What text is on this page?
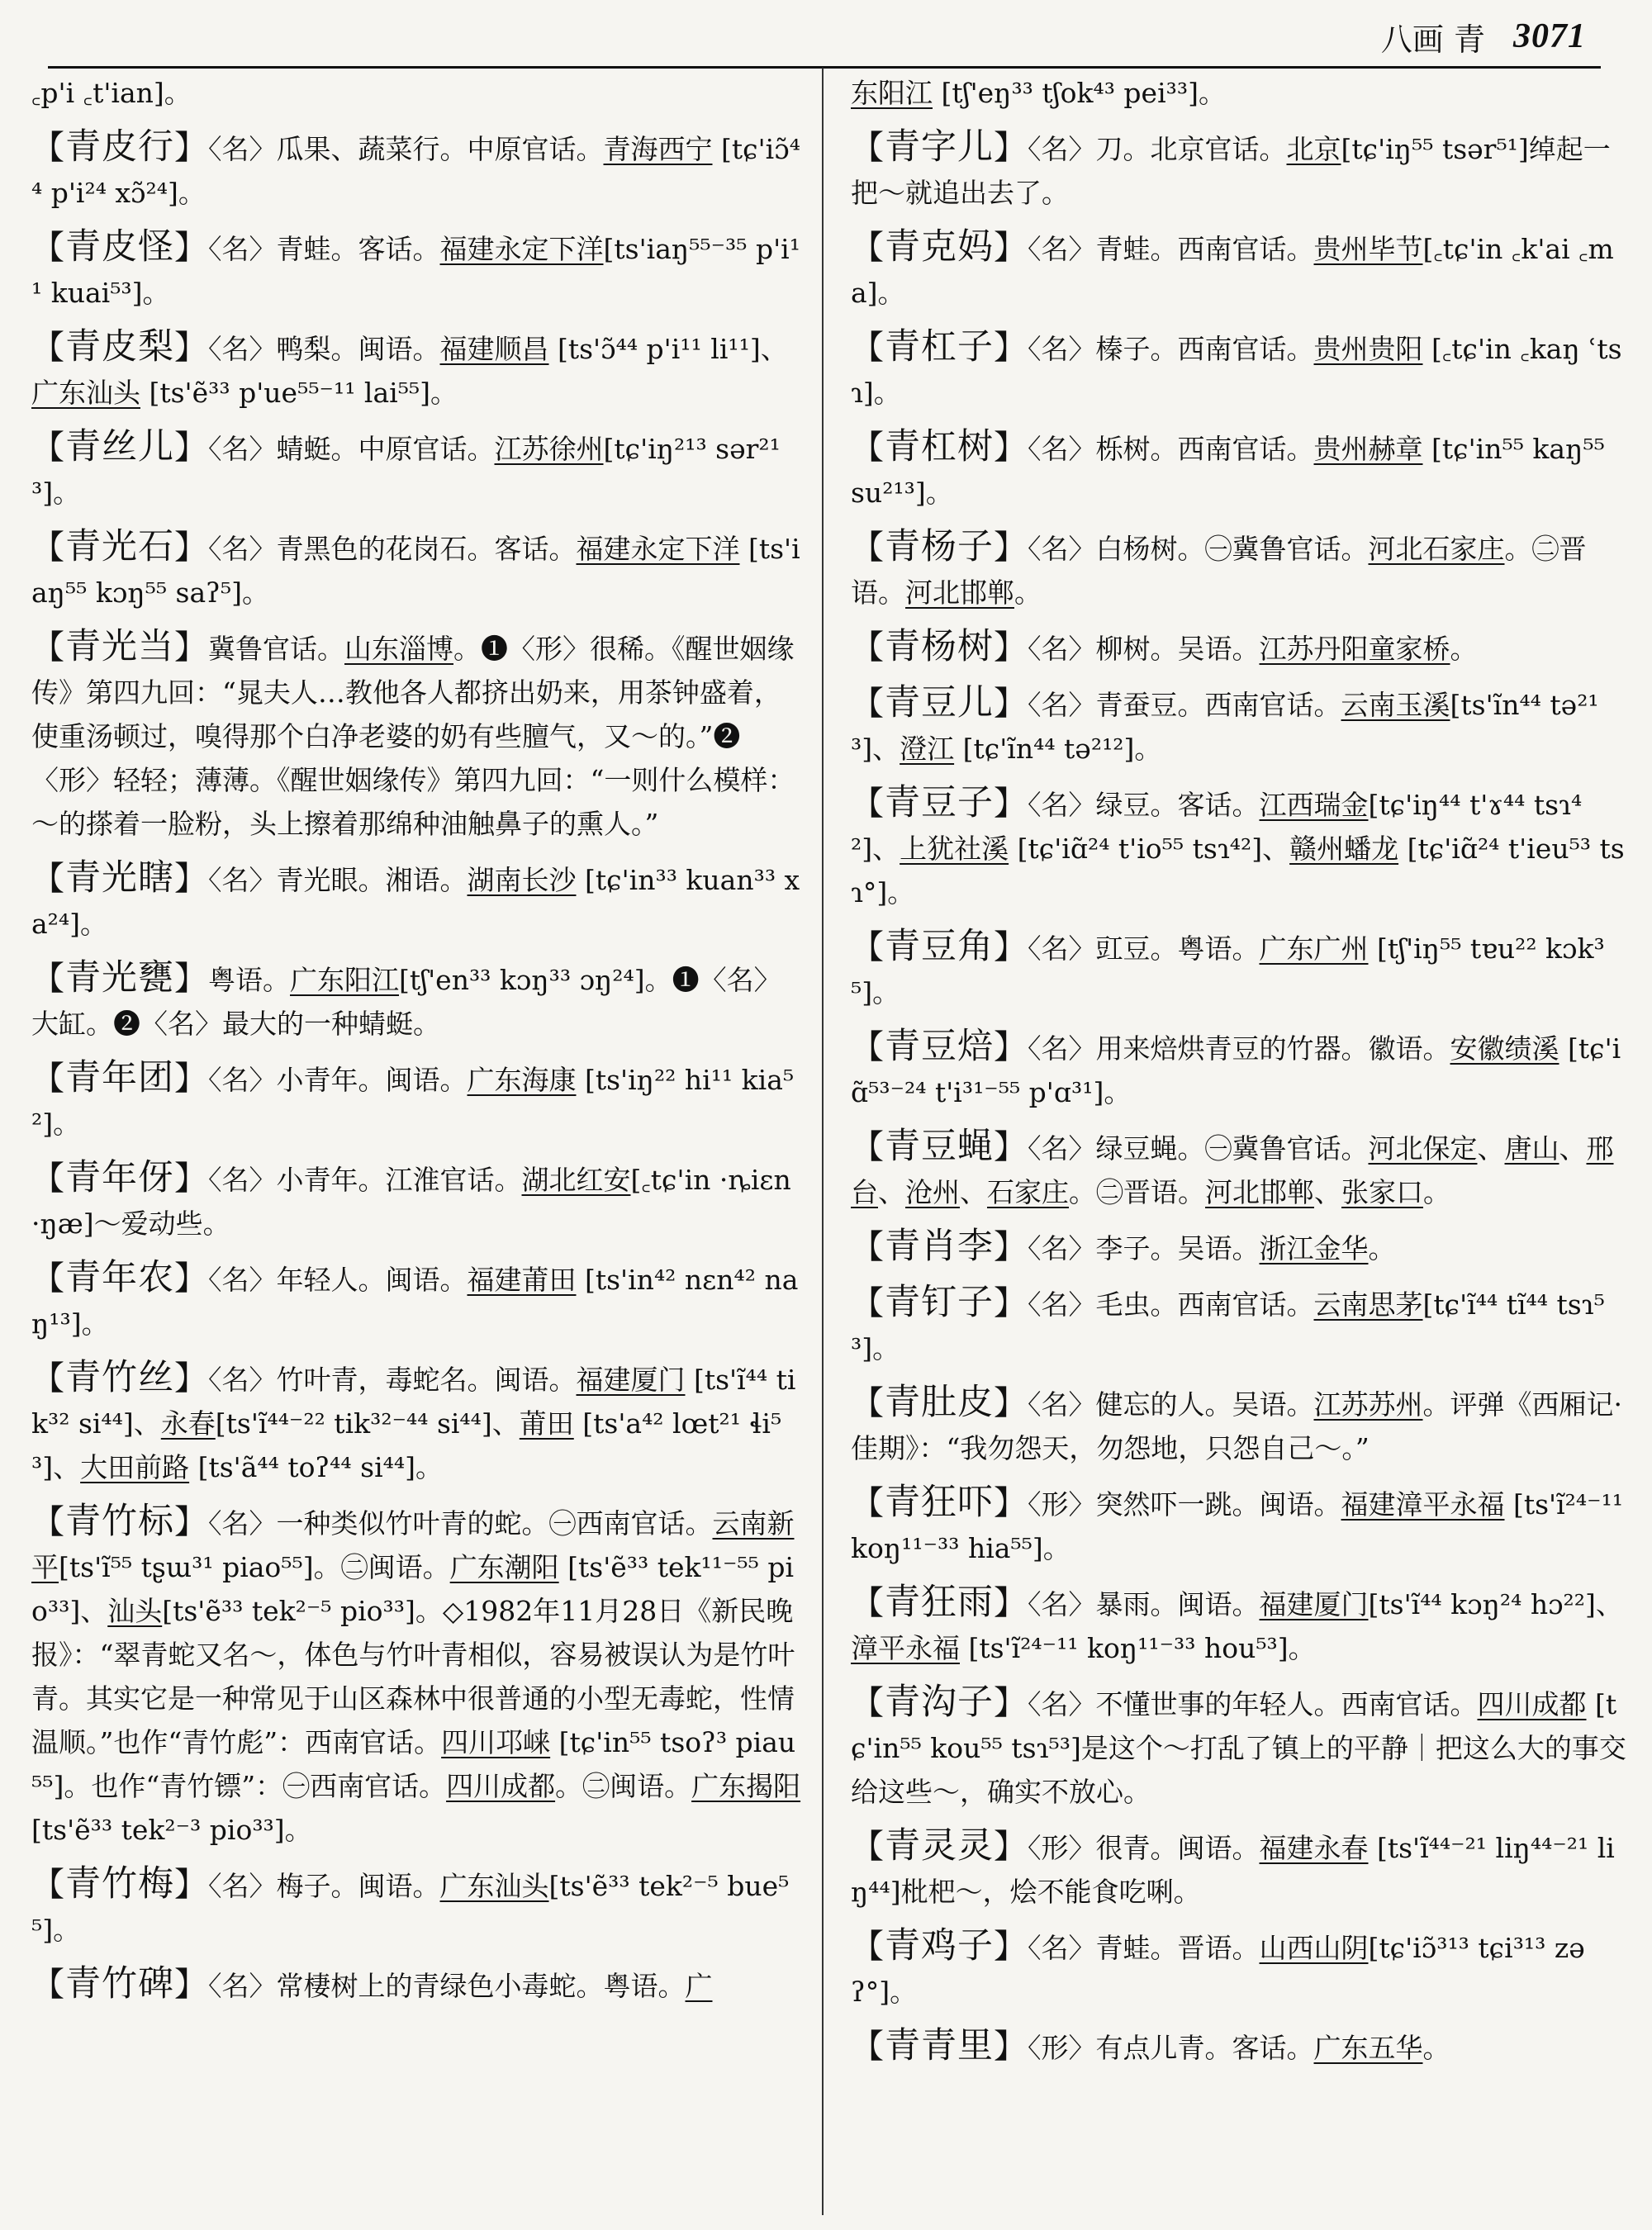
八画 青 3071
꜀p'i ꜀t'ian]。
【青皮行】〈名〉瓜果、蔬菜行。中原官话。青海西宁 [tɕ'iɔ̃⁴⁴ p'i²⁴ xɔ̃²⁴]。
【青皮怪】〈名〉青蛙。客话。福建永定下洋[ts'iaŋ⁵⁵⁻³⁵ p'i¹¹ kuai⁵³]。
【青皮梨】〈名〉鸭梨。闽语。福建顺昌 [ts'ɔ̃⁴⁴ p'i¹¹ li¹¹]、广东汕头 [ts'ẽ³³ p'ue⁵⁵⁻¹¹ lai⁵⁵]。
【青丝儿】〈名〉蜻蜓。中原官话。江苏徐州[tɕ'iŋ²¹³ sər²¹³]。
【青光石】〈名〉青黑色的花岗石。客话。福建永定下洋 [ts'iaŋ⁵⁵ kɔŋ⁵⁵ saʔ⁵]。
【青光当】冀鲁官话。山东淄博。❶〈形〉很稀。《醒世姻缘传》第四九回：“晁夫人…教他各人都挤出奶来，用茶钟盛着，使重汤顿过，嗅得那个白净老婆的奶有些膻气，又～的。”❷〈形〉轻轻；薄薄。《醒世姻缘传》第四九回：“一则什么模样：～的搽着一脸粉，头上擦着那绵种油触鼻子的熏人。”
【青光瞎】〈名〉青光眼。湘语。湖南长沙 [tɕ'in³³ kuan³³ xa²⁴]。
【青光甕】粤语。广东阳江[tʃ'en³³ kɔŋ³³ ɔŋ²⁴]。❶〈名〉大缸。❷〈名〉最大的一种蜻蜓。
【青年团】〈名〉小青年。闽语。广东海康 [ts'iŋ²² hi¹¹ kia⁵²]。
【青年伢】〈名〉小青年。江淮官话。湖北红安[꜀tɕ'in ·ȵiɛn ·ŋæ]～爱动些。
【青年农】〈名〉年轻人。闽语。福建莆田 [ts'in⁴² nɛn⁴² naŋ¹³]。
【青竹丝】〈名〉竹叶青，毒蛇名。闽语。福建厦门 [ts'ĩ⁴⁴ tik³² si⁴⁴]、永春[ts'ĩ⁴⁴⁻²² tik³²⁻⁴⁴ si⁴⁴]、莆田 [ts'a⁴² lœt²¹ ɬi⁵³]、大田前路 [ts'ã⁴⁴ toʔ⁴⁴ si⁴⁴]。
【青竹标】〈名〉一种类似竹叶青的蛇。㊀西南官话。云南新平[ts'ĩ⁵⁵ tʂɯ³¹ piao⁵⁵]。㊁闽语。广东潮阳 [ts'ẽ³³ tek¹¹⁻⁵⁵ pio³³]、汕头[ts'ẽ³³ tek²⁻⁵ pio³³]。◇1982年11月28日《新民晚报》：“翠青蛇又名～，体色与竹叶青相似，容易被误认为是竹叶青。其实它是一种常见于山区森林中很普通的小型无毒蛇，性情温顺。”也作“青竹彪”：西南官话。四川邛崃 [tɕ'in⁵⁵ tsoʔ³ piau⁵⁵]。也作“青竹镖”：㊀西南官话。四川成都。㊁闽语。广东揭阳 [ts'ẽ³³ tek²⁻³ pio³³]。
【青竹梅】〈名〉梅子。闽语。广东汕头[ts'ẽ³³ tek²⁻⁵ bue⁵⁵]。
【青竹碑】〈名〉常棲树上的青绿色小毒蛇。粤语。广
东阳江 [tʃ'eŋ³³ tʃok⁴³ pei³³]。
【青字儿】〈名〉刀。北京官话。北京[tɕ'iŋ⁵⁵ tsər⁵¹]绰起一把～就追出去了。
【青克妈】〈名〉青蛙。西南官话。贵州毕节[꜀tɕ'in ꜀k'ai ꜀ma]。
【青杠子】〈名〉榛子。西南官话。贵州贵阳 [꜀tɕ'in ꜀kaŋ ʿtsɿ]。
【青杠树】〈名〉栎树。西南官话。贵州赫章 [tɕ'in⁵⁵ kaŋ⁵⁵ su²¹³]。
【青杨子】〈名〉白杨树。㊀冀鲁官话。河北石家庄。㊁晋语。河北邯郸。
【青杨树】〈名〉柳树。吴语。江苏丹阳童家桥。
【青豆儿】〈名〉青蚕豆。西南官话。云南玉溪[ts'ĩn⁴⁴ tə²¹³]、澄江 [tɕ'ĩn⁴⁴ tə²¹²]。
【青豆子】〈名〉绿豆。客话。江西瑞金[tɕ'iŋ⁴⁴ t'ɤ⁴⁴ tsɿ⁴²]、上犹社溪 [tɕ'iɑ̃²⁴ t'io⁵⁵ tsɿ⁴²]、赣州蟠龙 [tɕ'iɑ̃²⁴ t'ieu⁵³ tsɿ°]。
【青豆角】〈名〉豇豆。粤语。广东广州 [tʃ'iŋ⁵⁵ tɐu²² kɔk³⁵]。
【青豆焙】〈名〉用来焙烘青豆的竹器。徽语。安徽绩溪 [tɕ'iɑ̃⁵³⁻²⁴ t'i³¹⁻⁵⁵ p'ɑ³¹]。
【青豆蝇】〈名〉绿豆蝇。㊀冀鲁官话。河北保定、唐山、邢台、沧州、石家庄。㊁晋语。河北邯郸、张家口。
【青肖李】〈名〉李子。吴语。浙江金华。
【青钉子】〈名〉毛虫。西南官话。云南思茅[tɕ'ĩ⁴⁴ tĩ⁴⁴ tsɿ⁵³]。
【青肚皮】〈名〉健忘的人。吴语。江苏苏州。评弹《西厢记·佳期》：“我勿怨天，勿怨地，只怨自己～。”
【青狂吓】〈形〉突然吓一跳。闽语。福建漳平永福 [ts'ĩ²⁴⁻¹¹ koŋ¹¹⁻³³ hia⁵⁵]。
【青狂雨】〈名〉暴雨。闽语。福建厦门[ts'ĩ⁴⁴ kɔŋ²⁴ hɔ²²]、漳平永福 [ts'ĩ²⁴⁻¹¹ koŋ¹¹⁻³³ hou⁵³]。
【青沟子】〈名〉不懂世事的年轻人。西南官话。四川成都 [tɕ'in⁵⁵ kou⁵⁵ tsɿ⁵³]是这个～打乱了镇上的平静｜把这么大的事交给这些～，确实不放心。
【青灵灵】〈形〉很青。闽语。福建永春 [ts'ĩ⁴⁴⁻²¹ liŋ⁴⁴⁻²¹ liŋ⁴⁴]枇杷～，烩不能食吃唎。
【青鸡子】〈名〉青蛙。晋语。山西山阴[tɕ'iɔ̃³¹³ tɕi³¹³ zəʔ°]。
【青青里】〈形〉有点儿青。客话。广东五华。
